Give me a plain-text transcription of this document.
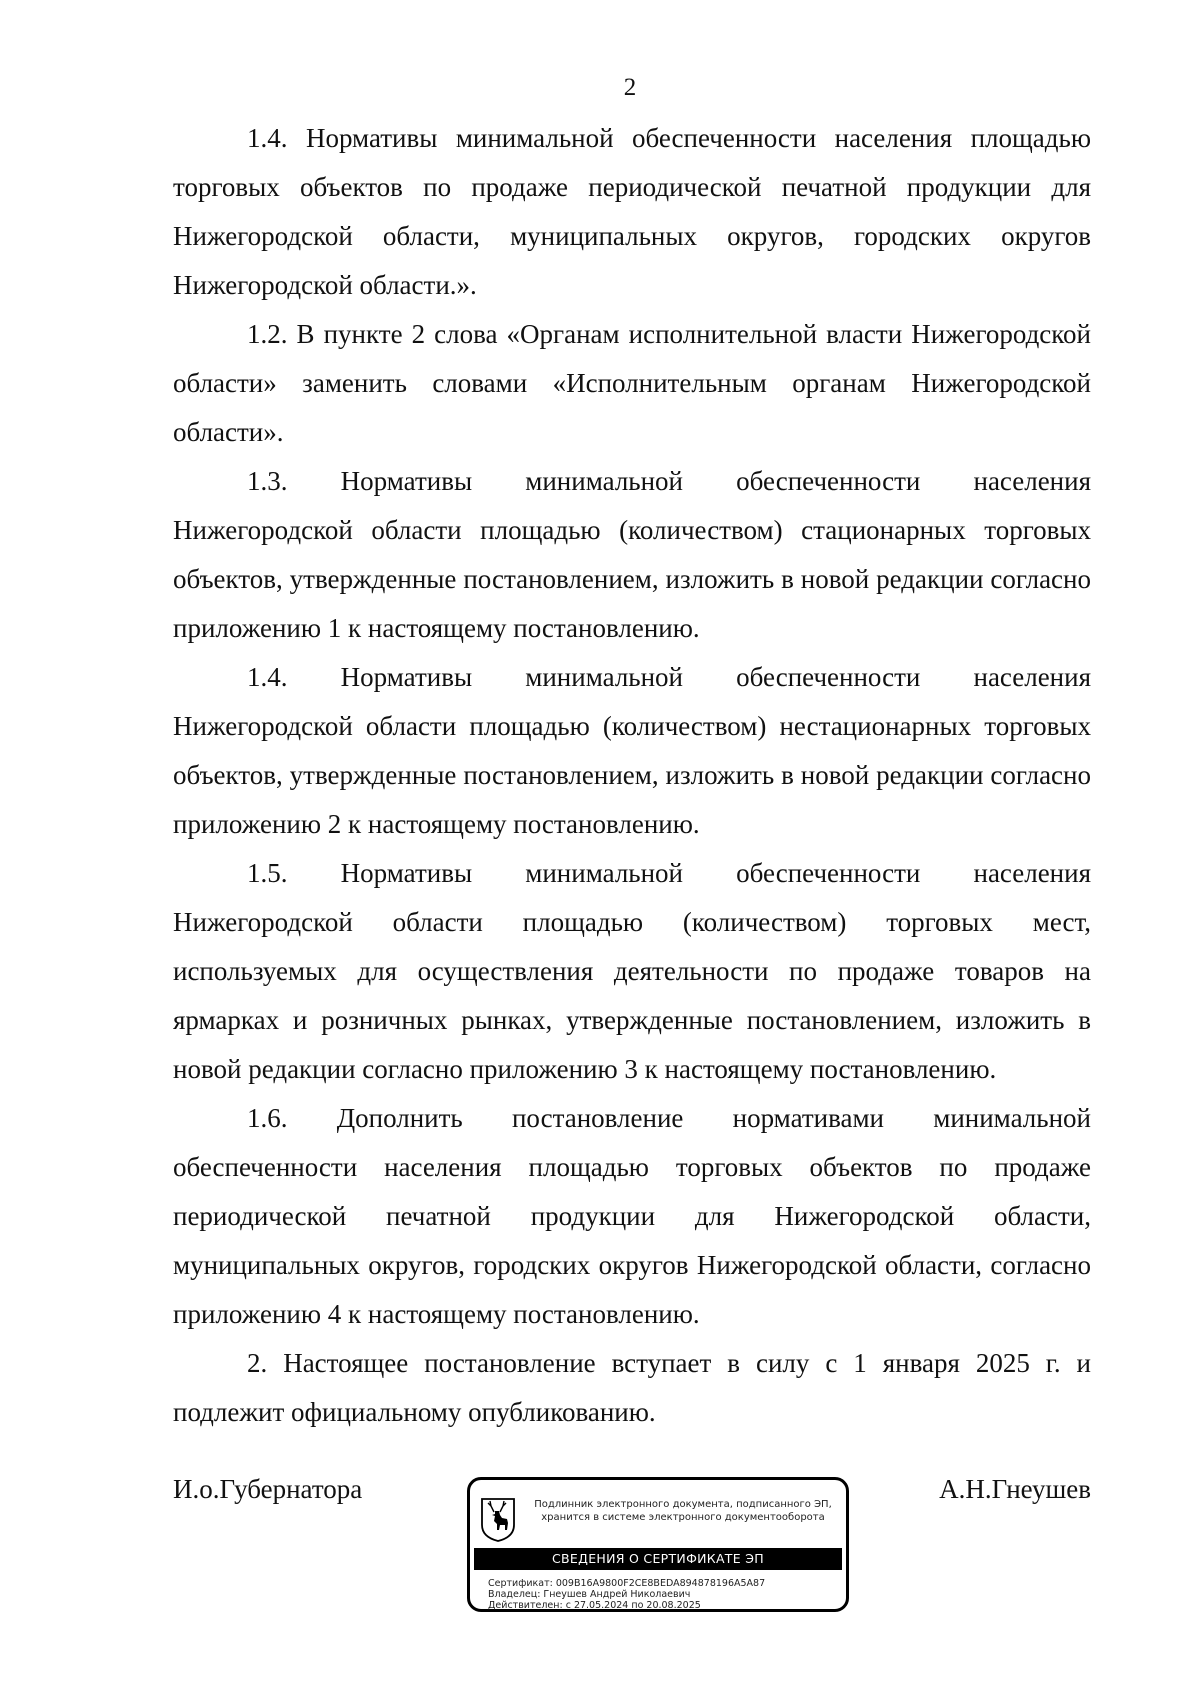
2

1.4. Нормативы минимальной обеспеченности населения площадью торговых объектов по продаже периодической печатной продукции для Нижегородской области, муниципальных округов, городских округов Нижегородской области.».

1.2. В пункте 2 слова «Органам исполнительной власти Нижегородской области» заменить словами «Исполнительным органам Нижегородской области».

1.3. Нормативы минимальной обеспеченности населения Нижегородской области площадью (количеством) стационарных торговых объектов, утвержденные постановлением, изложить в новой редакции согласно приложению 1 к настоящему постановлению.

1.4. Нормативы минимальной обеспеченности населения Нижегородской области площадью (количеством) нестационарных торговых объектов, утвержденные постановлением, изложить в новой редакции согласно приложению 2 к настоящему постановлению.

1.5. Нормативы минимальной обеспеченности населения Нижегородской области площадью (количеством) торговых мест, используемых для осуществления деятельности по продаже товаров на ярмарках и розничных рынках, утвержденные постановлением, изложить в новой редакции согласно приложению 3 к настоящему постановлению.

1.6. Дополнить постановление нормативами минимальной обеспеченности населения площадью торговых объектов по продаже периодической печатной продукции для Нижегородской области, муниципальных округов, городских округов Нижегородской области, согласно приложению 4 к настоящему постановлению.

2. Настоящее постановление вступает в силу с 1 января 2025 г. и подлежит официальному опубликованию.

И.о.Губернатора	А.Н.Гнеушев
Подлинник электронного документа, подписанного ЭП,
хранится в системе электронного документооборота
СВЕДЕНИЯ О СЕРТИФИКАТЕ ЭП
Сертификат: 009B16A9800F2CE8BEDA894878196A5A87
Владелец: Гнеушев Андрей Николаевич
Действителен: с 27.05.2024 по 20.08.2025
